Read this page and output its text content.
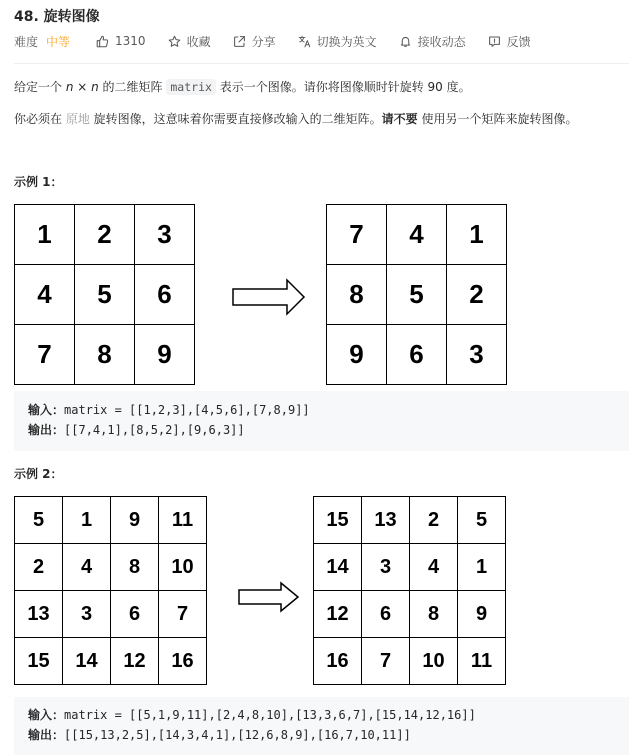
48. 旋转图像
难度 中等	1310	收藏	分享	切换为英文	接收动态	反馈
给定一个 n × n 的二维矩阵 matrix 表示一个图像。请你将图像顺时针旋转 90 度。
你必须在 原地 旋转图像，这意味着你需要直接修改输入的二维矩阵。请不要 使用另一个矩阵来旋转图像。
示例 1：
1	2	3
4	5	6
7	8	9
7	4	1
8	5	2
9	6	3
输入：matrix = [[1,2,3],[4,5,6],[7,8,9]]
输出：[[7,4,1],[8,5,2],[9,6,3]]
示例 2：
5	1	9	11
2	4	8	10
13	3	6	7
15	14	12	16
15	13	2	5
14	3	4	1
12	6	8	9
16	7	10	11
输入：matrix = [[5,1,9,11],[2,4,8,10],[13,3,6,7],[15,14,12,16]]
输出：[[15,13,2,5],[14,3,4,1],[12,6,8,9],[16,7,10,11]]
